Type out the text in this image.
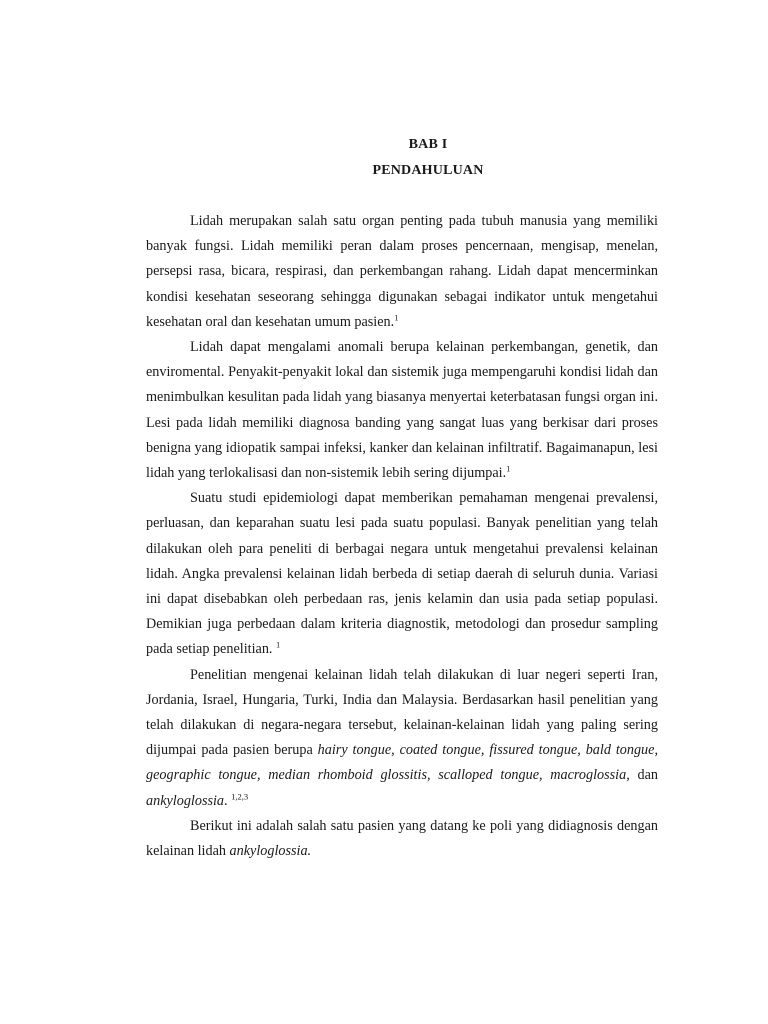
BAB I
PENDAHULUAN

Lidah merupakan salah satu organ penting pada tubuh manusia yang memiliki banyak fungsi. Lidah memiliki peran dalam proses pencernaan, mengisap, menelan, persepsi rasa, bicara, respirasi, dan perkembangan rahang. Lidah dapat mencerminkan kondisi kesehatan seseorang sehingga digunakan sebagai indikator untuk mengetahui kesehatan oral dan kesehatan umum pasien.$^1$

Lidah dapat mengalami anomali berupa kelainan perkembangan, genetik, dan enviromental. Penyakit-penyakit lokal dan sistemik juga mempengaruhi kondisi lidah dan menimbulkan kesulitan pada lidah yang biasanya menyertai keterbatasan fungsi organ ini. Lesi pada lidah memiliki diagnosa banding yang sangat luas yang berkisar dari proses benigna yang idiopatik sampai infeksi, kanker dan kelainan infiltratif. Bagaimanapun, lesi lidah yang terlokalisasi dan non-sistemik lebih sering dijumpai.$^1$

Suatu studi epidemiologi dapat memberikan pemahaman mengenai prevalensi, perluasan, dan keparahan suatu lesi pada suatu populasi. Banyak penelitian yang telah dilakukan oleh para peneliti di berbagai negara untuk mengetahui prevalensi kelainan lidah. Angka prevalensi kelainan lidah berbeda di setiap daerah di seluruh dunia. Variasi ini dapat disebabkan oleh perbedaan ras, jenis kelamin dan usia pada setiap populasi. Demikian juga perbedaan dalam kriteria diagnostik, metodologi dan prosedur sampling pada setiap penelitian. $^1$

Penelitian mengenai kelainan lidah telah dilakukan di luar negeri seperti Iran, Jordania, Israel, Hungaria, Turki, India dan Malaysia. Berdasarkan hasil penelitian yang telah dilakukan di negara-negara tersebut, kelainan-kelainan lidah yang paling sering dijumpai pada pasien berupa hairy tongue, coated tongue, fissured tongue, bald tongue, geographic tongue, median rhomboid glossitis, scalloped tongue, macroglossia, dan ankyloglossia. $^{1,2,3}$

Berikut ini adalah salah satu pasien yang datang ke poli yang didiagnosis dengan kelainan lidah ankyloglossia.
